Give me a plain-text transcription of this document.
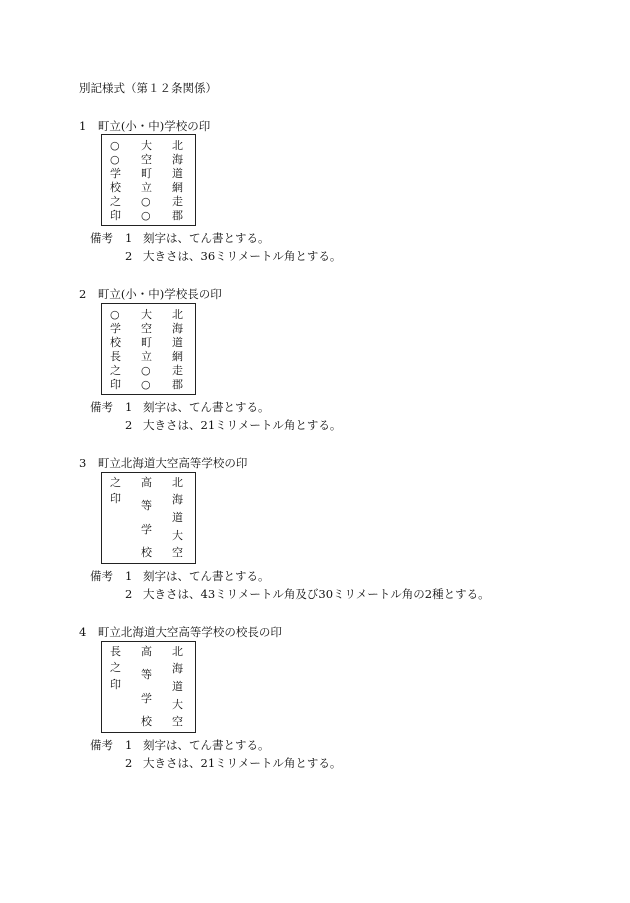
別記様式（第１２条関係）
1　町立(小・中)学校の印
○
○
学
校
之
印
大
空
町
立
○
○
北
海
道
網
走
郡
備考 1 刻字は、てん書とする。
2 大きさは、36ミリメートル角とする。
2　町立(小・中)学校長の印
○
学
校
長
之
印
大
空
町
立
○
○
北
海
道
網
走
郡
備考 1 刻字は、てん書とする。
2 大きさは、21ミリメートル角とする。
3　町立北海道大空高等学校の印
之
印
高
等
学
校
北
海
道
大
空
備考 1 刻字は、てん書とする。
2 大きさは、43ミリメートル角及び30ミリメートル角の2種とする。
4　町立北海道大空高等学校の校長の印
長
之
印
高
等
学
校
北
海
道
大
空
備考 1 刻字は、てん書とする。
2 大きさは、21ミリメートル角とする。
